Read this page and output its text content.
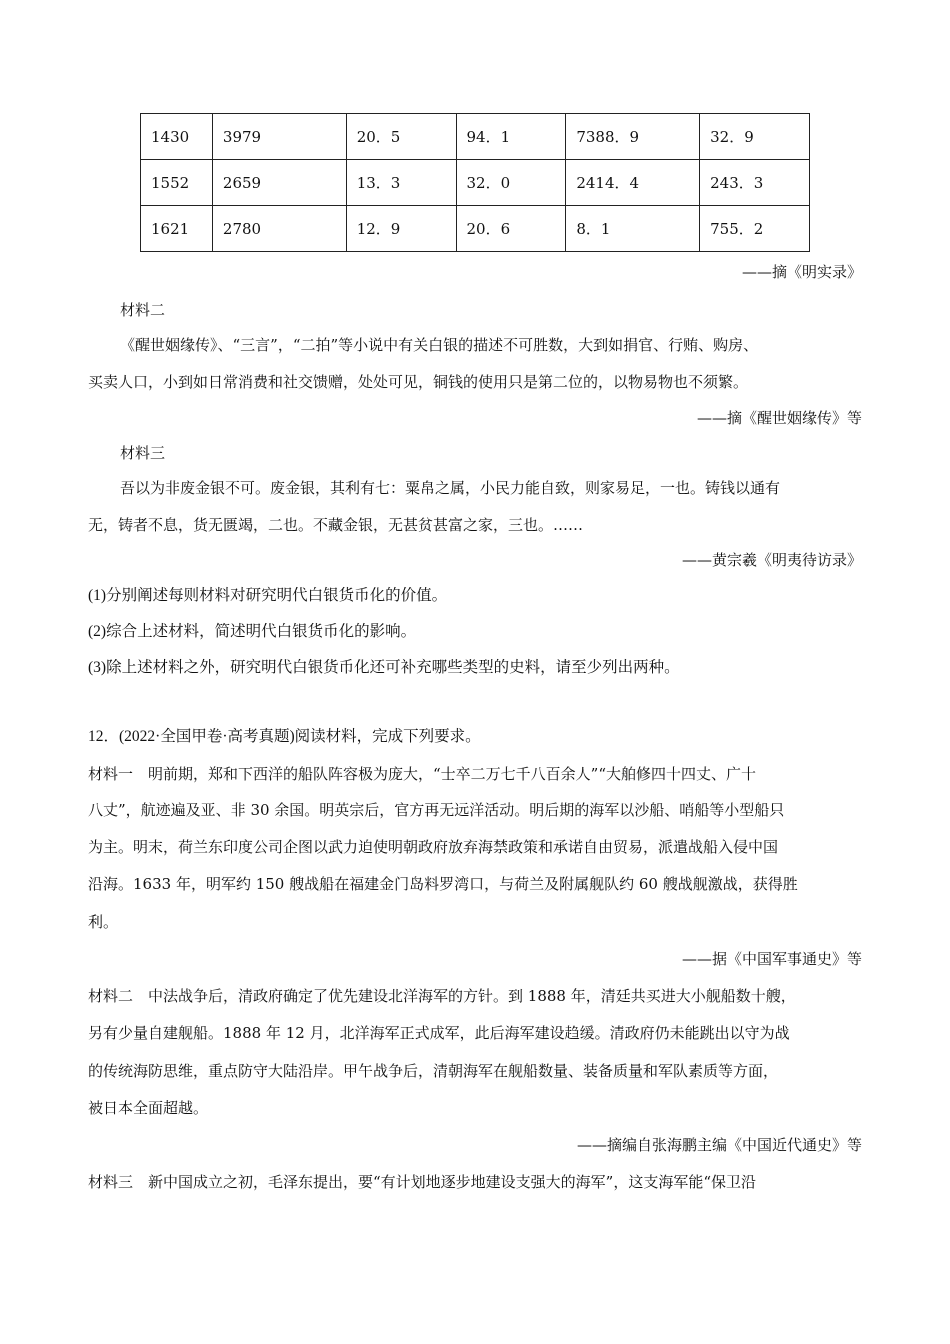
1430	3979	20．5	94．1	7388．9	32．9
1552	2659	13．3	32．0	2414．4	243．3
1621	2780	12．9	20．6	8．1	755．2
——摘《明实录》
材料二
《醒世姻缘传》、“三言”，“二拍”等小说中有关白银的描述不可胜数，大到如捐官、行贿、购房、
买卖人口，小到如日常消费和社交馈赠，处处可见，铜钱的使用只是第二位的，以物易物也不须繁。
——摘《醒世姻缘传》等
材料三
吾以为非废金银不可。废金银，其利有七：粟帛之属，小民力能自致，则家易足，一也。铸钱以通有
无，铸者不息，货无匮竭，二也。不藏金银，无甚贫甚富之家，三也。……
——黄宗羲《明夷待访录》
(1)分别阐述每则材料对研究明代白银货币化的价值。
(2)综合上述材料，简述明代白银货币化的影响。
(3)除上述材料之外，研究明代白银货币化还可补充哪些类型的史料，请至少列出两种。
12．(2022·全国甲卷·高考真题)阅读材料，完成下列要求。
材料一　明前期，郑和下西洋的船队阵容极为庞大，“士卒二万七千八百余人”“大舶修四十四丈、广十
八丈”，航迹遍及亚、非 30 余国。明英宗后，官方再无远洋活动。明后期的海军以沙船、哨船等小型船只
为主。明末，荷兰东印度公司企图以武力迫使明朝政府放弃海禁政策和承诺自由贸易，派遣战船入侵中国
沿海。1633 年，明军约 150 艘战船在福建金门岛料罗湾口，与荷兰及附属舰队约 60 艘战舰激战，获得胜
利。
——据《中国军事通史》等
材料二　中法战争后，清政府确定了优先建设北洋海军的方针。到 1888 年，清廷共买进大小舰船数十艘，
另有少量自建舰船。1888 年 12 月，北洋海军正式成军，此后海军建设趋缓。清政府仍未能跳出以守为战
的传统海防思维，重点防守大陆沿岸。甲午战争后，清朝海军在舰船数量、装备质量和军队素质等方面，
被日本全面超越。
——摘编自张海鹏主编《中国近代通史》等
材料三　新中国成立之初，毛泽东提出，要“有计划地逐步地建设支强大的海军”，这支海军能“保卫沿
